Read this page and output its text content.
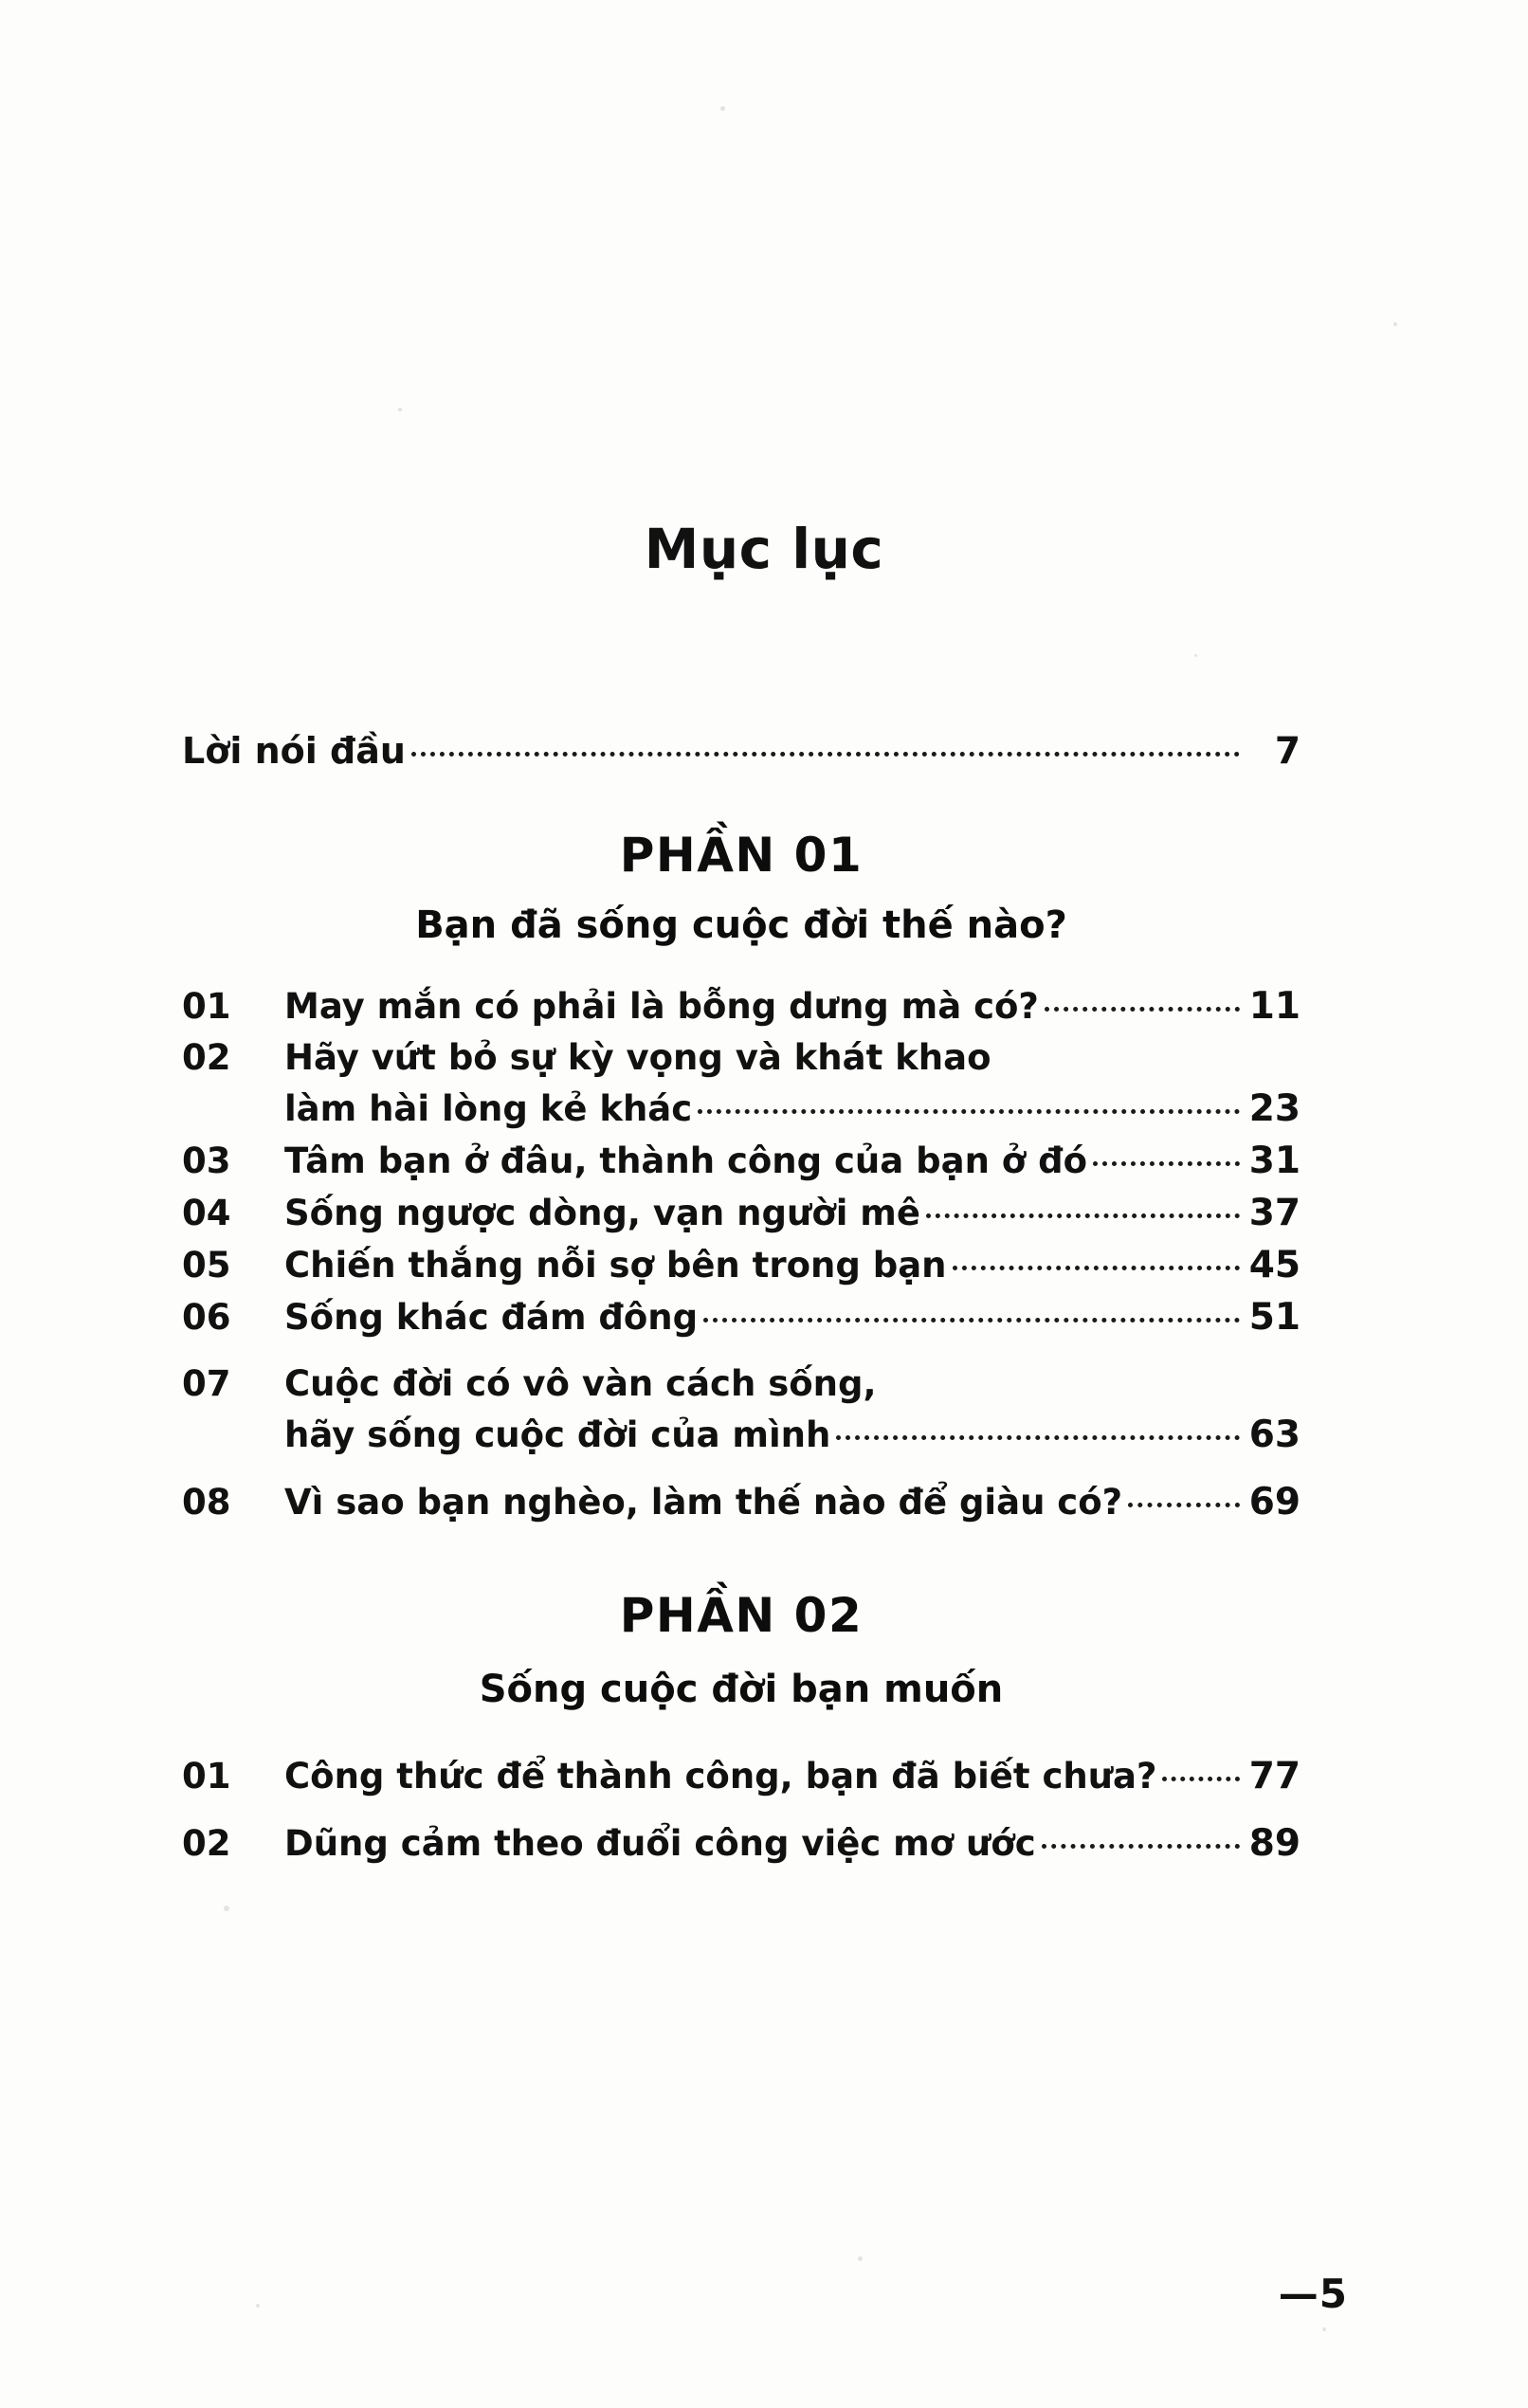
Mục lục
Lời nói đầu	7
PHẦN 01
Bạn đã sống cuộc đời thế nào?
01	May mắn có phải là bỗng dưng mà có?	11
02	Hãy vứt bỏ sự kỳ vọng và khát khao
làm hài lòng kẻ khác	23
03	Tâm bạn ở đâu, thành công của bạn ở đó	31
04	Sống ngược dòng, vạn người mê	37
05	Chiến thắng nỗi sợ bên trong bạn	45
06	Sống khác đám đông	51
07	Cuộc đời có vô vàn cách sống,
hãy sống cuộc đời của mình	63
08	Vì sao bạn nghèo, làm thế nào để giàu có?	69
PHẦN 02
Sống cuộc đời bạn muốn
01	Công thức để thành công, bạn đã biết chưa? 77
02	Dũng cảm theo đuổi công việc mơ ước	89
—5
